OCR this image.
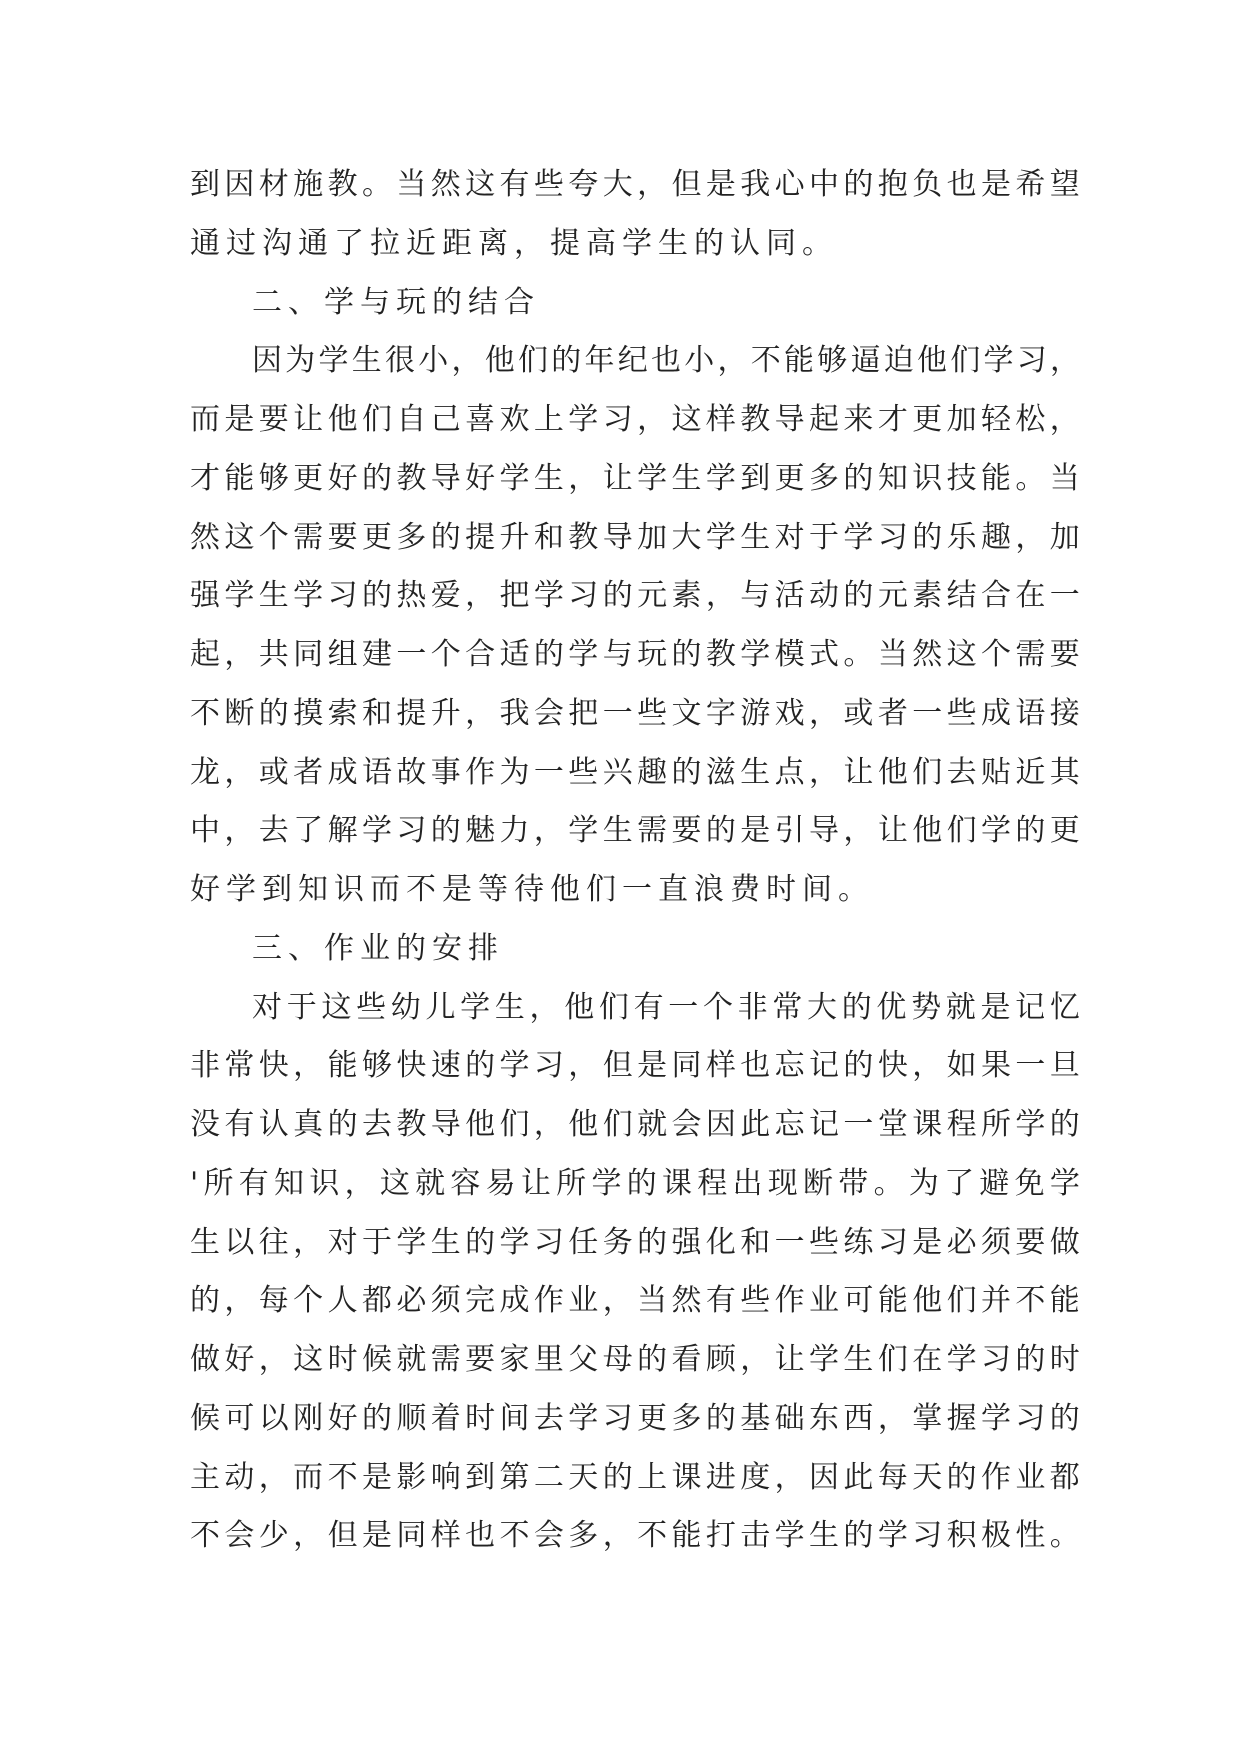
到 因 材 施 教 。 当 然 这 有 些 夸 大 ， 但 是 我 心 中 的 抱 负 也 是 希 望
通过沟通了拉近距离，提高学生的认同。
二、学与玩的结合
因 为 学 生 很 小 ， 他 们 的 年 纪 也 小 ， 不 能 够 逼 迫 他 们 学 习 ，
而 是 要 让 他 们 自 己 喜 欢 上 学 习 ， 这 样 教 导 起 来 才 更 加 轻 松 ，
才 能 够 更 好 的 教 导 好 学 生 ， 让 学 生 学 到 更 多 的 知 识 技 能 。 当
然 这 个 需 要 更 多 的 提 升 和 教 导 加 大 学 生 对 于 学 习 的 乐 趣 ， 加
强 学 生 学 习 的 热 爱 ， 把 学 习 的 元 素 ， 与 活 动 的 元 素 结 合 在 一
起 ， 共 同 组 建 一 个 合 适 的 学 与 玩 的 教 学 模 式 。 当 然 这 个 需 要
不 断 的 摸 索 和 提 升 ， 我 会 把 一 些 文 字 游 戏 ， 或 者 一 些 成 语 接
龙 ， 或 者 成 语 故 事 作 为 一 些 兴 趣 的 滋 生 点 ， 让 他 们 去 贴 近 其
中 ， 去 了 解 学 习 的 魅 力 ， 学 生 需 要 的 是 引 导 ， 让 他 们 学 的 更
好学到知识而不是等待他们一直浪费时间。
三、作业的安排
对 于 这 些 幼 儿 学 生 ， 他 们 有 一 个 非 常 大 的 优 势 就 是 记 忆
非 常 快 ， 能 够 快 速 的 学 习 ， 但 是 同 样 也 忘 记 的 快 ， 如 果 一 旦
没 有 认 真 的 去 教 导 他 们 ， 他 们 就 会 因 此 忘 记 一 堂 课 程 所 学 的
' 所 有 知 识 ， 这 就 容 易 让 所 学 的 课 程 出 现 断 带 。 为 了 避 免 学
生 以 往 ， 对 于 学 生 的 学 习 任 务 的 强 化 和 一 些 练 习 是 必 须 要 做
的 ， 每 个 人 都 必 须 完 成 作 业 ， 当 然 有 些 作 业 可 能 他 们 并 不 能
做 好 ， 这 时 候 就 需 要 家 里 父 母 的 看 顾 ， 让 学 生 们 在 学 习 的 时
候 可 以 刚 好 的 顺 着 时 间 去 学 习 更 多 的 基 础 东 西 ， 掌 握 学 习 的
主 动 ， 而 不 是 影 响 到 第 二 天 的 上 课 进 度 ， 因 此 每 天 的 作 业 都
不 会 少 ， 但 是 同 样 也 不 会 多 ， 不 能 打 击 学 生 的 学 习 积 极 性 。
